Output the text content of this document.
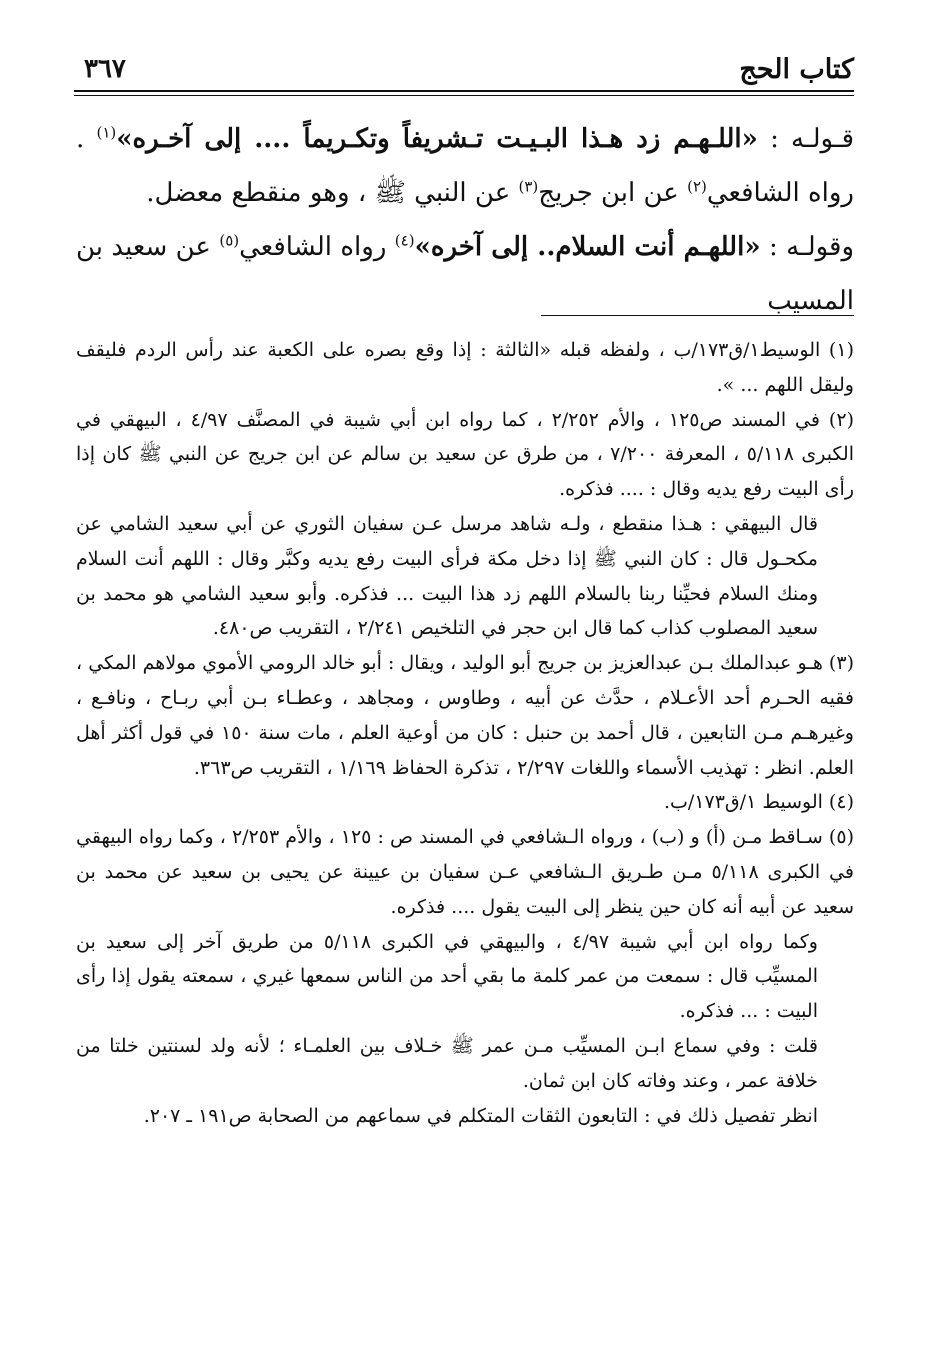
٣٦٧	كتاب الحج

قـولـه : «اللـهـم زد هـذا البـيـت تـشريفاً وتكـريماً .... إلى آخـره»$^{(١)}$ . رواه الشافعي$^{(٢)}$ عن ابن جريج$^{(٣)}$ عن النبي ﷺ ، وهو منقطع معضل.

وقولـه : «اللهـم أنت السلام.. إلى آخره»$^{(٤)}$ رواه الشافعي$^{(٥)}$ عن سعيد بن المسيب

(١) الوسيط١/ق١٧٣/ب ، ولفظه قبله «الثالثة : إذا وقع بصره على الكعبة عند رأس الردم فليقف وليقل اللهم ... ».

(٢) في المسند ص١٢٥ ، والأم ٢/٢٥٢ ، كما رواه ابن أبي شيبة في المصنَّف ٤/٩٧ ، البيهقي في الكبرى ٥/١١٨ ، المعرفة ٧/٢٠٠ ، من طرق عن سعيد بن سالم عن ابن جريج عن النبي ﷺ كان إذا رأى البيت رفع يديه وقال : .... فذكره.

قال البيهقي : هـذا منقطع ، ولـه شاهد مرسل عـن سفيان الثوري عن أبي سعيد الشامي عن مكحـول قال : كان النبي ﷺ إذا دخل مكة فرأى البيت رفع يديه وكبَّر وقال : اللهم أنت السلام ومنك السلام فحيِّنا ربنا بالسلام اللهم زد هذا البيت ... فذكره. وأبو سعيد الشامي هو محمد بن سعيد المصلوب كذاب كما قال ابن حجر في التلخيص ٢/٢٤١ ، التقريب ص٤٨٠.

(٣) هـو عبدالملك بـن عبدالعزيز بن جريج أبو الوليد ، ويقال : أبو خالد الرومي الأموي مولاهم المكي ، فقيه الحـرم أحد الأعـلام ، حدَّث عن أبيه ، وطاوس ، ومجاهد ، وعطـاء بـن أبي ربـاح ، ونافـع ، وغيرهـم مـن التابعين ، قال أحمد بن حنبل : كان من أوعية العلم ، مات سنة ١٥٠ في قول أكثر أهل العلم. انظر : تهذيب الأسماء واللغات ٢/٢٩٧ ، تذكرة الحفاظ ١/١٦٩ ، التقريب ص٣٦٣.

(٤) الوسيط ١/ق١٧٣/ب.

(٥) سـاقط مـن (أ) و (ب) ، ورواه الـشافعي في المسند ص : ١٢٥ ، والأم ٢/٢٥٣ ، وكما رواه البيهقي في الكبرى ٥/١١٨ مـن طـريق الـشافعي عـن سفيان بن عيينة عن يحيى بن سعيد عن محمد بن سعيد عن أبيه أنه كان حين ينظر إلى البيت يقول .... فذكره.

وكما رواه ابن أبي شيبة ٤/٩٧ ، والبيهقي في الكبرى ٥/١١٨ من طريق آخر إلى سعيد بن المسيِّب قال : سمعت من عمر كلمة ما بقي أحد من الناس سمعها غيري ، سمعته يقول إذا رأى البيت : ... فذكره.

قلت : وفي سماع ابـن المسيِّب مـن عمر ﷺ خـلاف بين العلمـاء ؛ لأنه ولد لسنتين خلتا من خلافة عمر ، وعند وفاته كان ابن ثمان.

انظر تفصيل ذلك في : التابعون الثقات المتكلم في سماعهم من الصحابة ص١٩١ ـ ٢٠٧.
